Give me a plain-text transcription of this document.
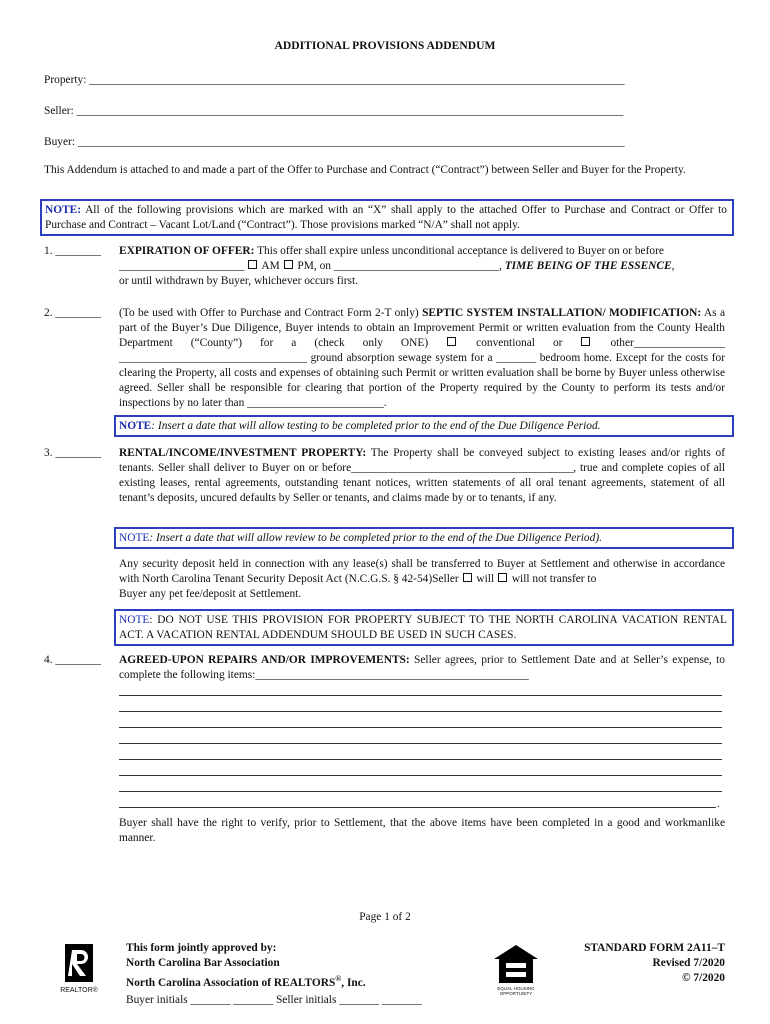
ADDITIONAL PROVISIONS ADDENDUM
Property: ______________________________________________________________________________________________
Seller: ________________________________________________________________________________________________
Buyer: ________________________________________________________________________________________________
This Addendum is attached to and made a part of the Offer to Purchase and Contract (“Contract”) between Seller and Buyer for the Property.
NOTE: All of the following provisions which are marked with an “X” shall apply to the attached Offer to Purchase and Contract or Offer to Purchase and Contract – Vacant Lot/Land (“Contract”). Those provisions marked “N/A” shall not apply.
1. ________	EXPIRATION OF OFFER: This offer shall expire unless unconditional acceptance is delivered to Buyer on or before
______________________  AM  PM, on _____________________________, TIME BEING OF THE ESSENCE,
or until withdrawn by Buyer, whichever occurs first.
2. ________	(To be used with Offer to Purchase and Contract Form 2-T only) SEPTIC SYSTEM INSTALLATION/ MODIFICATION: As a part of the Buyer’s Due Diligence, Buyer intends to obtain an Improvement Permit or written evaluation from the County Health Department (“County”) for a (check only ONE)  conventional or  other________________ _________________________________ ground absorption sewage system for a _______ bedroom home. Except for the costs for clearing the Property, all costs and expenses of obtaining such Permit or written evaluation shall be borne by Buyer unless otherwise agreed. Seller shall be responsible for clearing that portion of the Property required by the County to perform its tests and/or inspections by no later than ________________________.
NOTE: Insert a date that will allow testing to be completed prior to the end of the Due Diligence Period.
3. ________	RENTAL/INCOME/INVESTMENT PROPERTY: The Property shall be conveyed subject to existing leases and/or rights of tenants. Seller shall deliver to Buyer on or before_______________________________________, true and complete copies of all existing leases, rental agreements, outstanding tenant notices, written statements of all oral tenant agreements, statement of all tenant’s deposits, uncured defaults by Seller or tenants, and claims made by or to tenants, if any.
NOTE: Insert a date that will allow review to be completed prior to the end of the Due Diligence Period).
Any security deposit held in connection with any lease(s) shall be transferred to Buyer at Settlement and otherwise in accordance with North Carolina Tenant Security Deposit Act (N.C.G.S. § 42-54)Seller  will  will not transfer to
Buyer any pet fee/deposit at Settlement.
NOTE: DO NOT USE THIS PROVISION FOR PROPERTY SUBJECT TO THE NORTH CAROLINA VACATION RENTAL ACT. A VACATION RENTAL ADDENDUM SHOULD BE USED IN SUCH CASES.
4. ________	AGREED-UPON REPAIRS AND/OR IMPROVEMENTS: Seller agrees, prior to Settlement Date and at Seller’s expense, to complete the following items:________________________________________________
.
Buyer shall have the right to verify, prior to Settlement, that the above items have been completed in a good and workmanlike manner.
Page 1 of 2
REALTOR®
This form jointly approved by:
North Carolina Bar Association
North Carolina Association of REALTORS®, Inc.
Buyer initials _______ _______ Seller initials _______ _______
EQUAL HOUSING OPPORTUNITY
STANDARD FORM 2A11–T
Revised 7/2020
© 7/2020
